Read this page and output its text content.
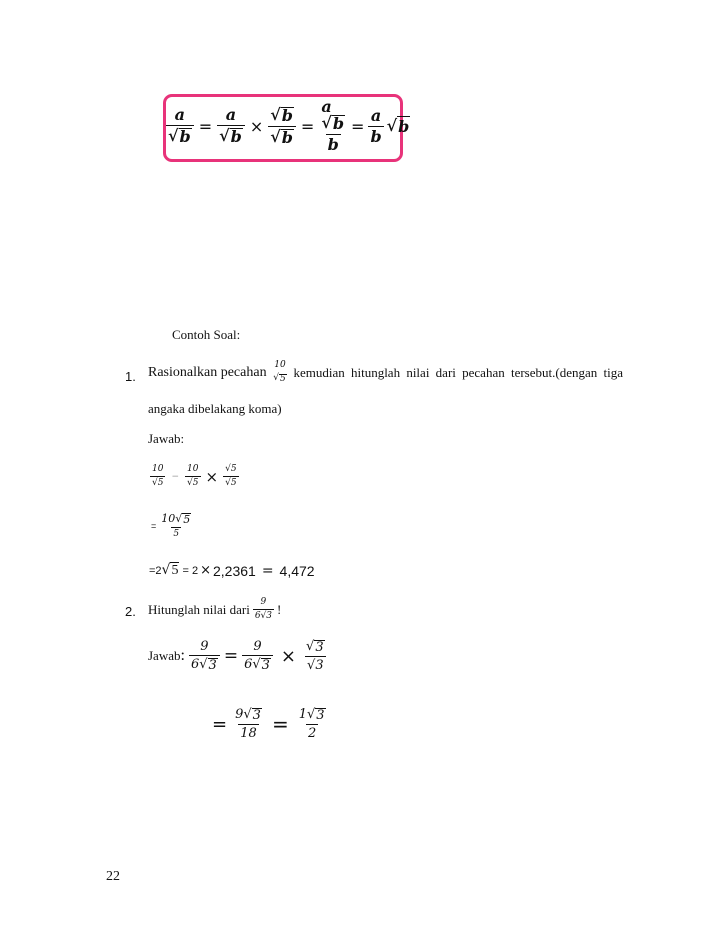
$\frac{a}{√ b} = \frac{a}{√ b} \times \frac{√ b}{√ b} = a$
√ b
$b = \frac{a}{b}$ √ b
Contoh Soal:
1. Rasionalkan pecahan 10
√ 5 kemudian hitunglah nilai dari pecahan tersebut.(dengan tiga
angaka dibelakang koma)
Jawab:
$\frac{10}{√ 5} - \frac{10}{√ 5} \times \frac{√ 5}{√ 5}$
= $\frac{10 √ 5}{5}$
=2 √ 5 = 2 × 2,2361 = 4,472
2. Hitunglah nilai dari $\frac{9}{6 √ 3}$ !
Jawab : $\frac{9}{6 √ 3} = \frac{9}{6 √ 3} \times \frac{√ 3}{√ 3}$
= $\frac{9 √ 3}{18} = \frac{1 √ 3}{2}$
22
